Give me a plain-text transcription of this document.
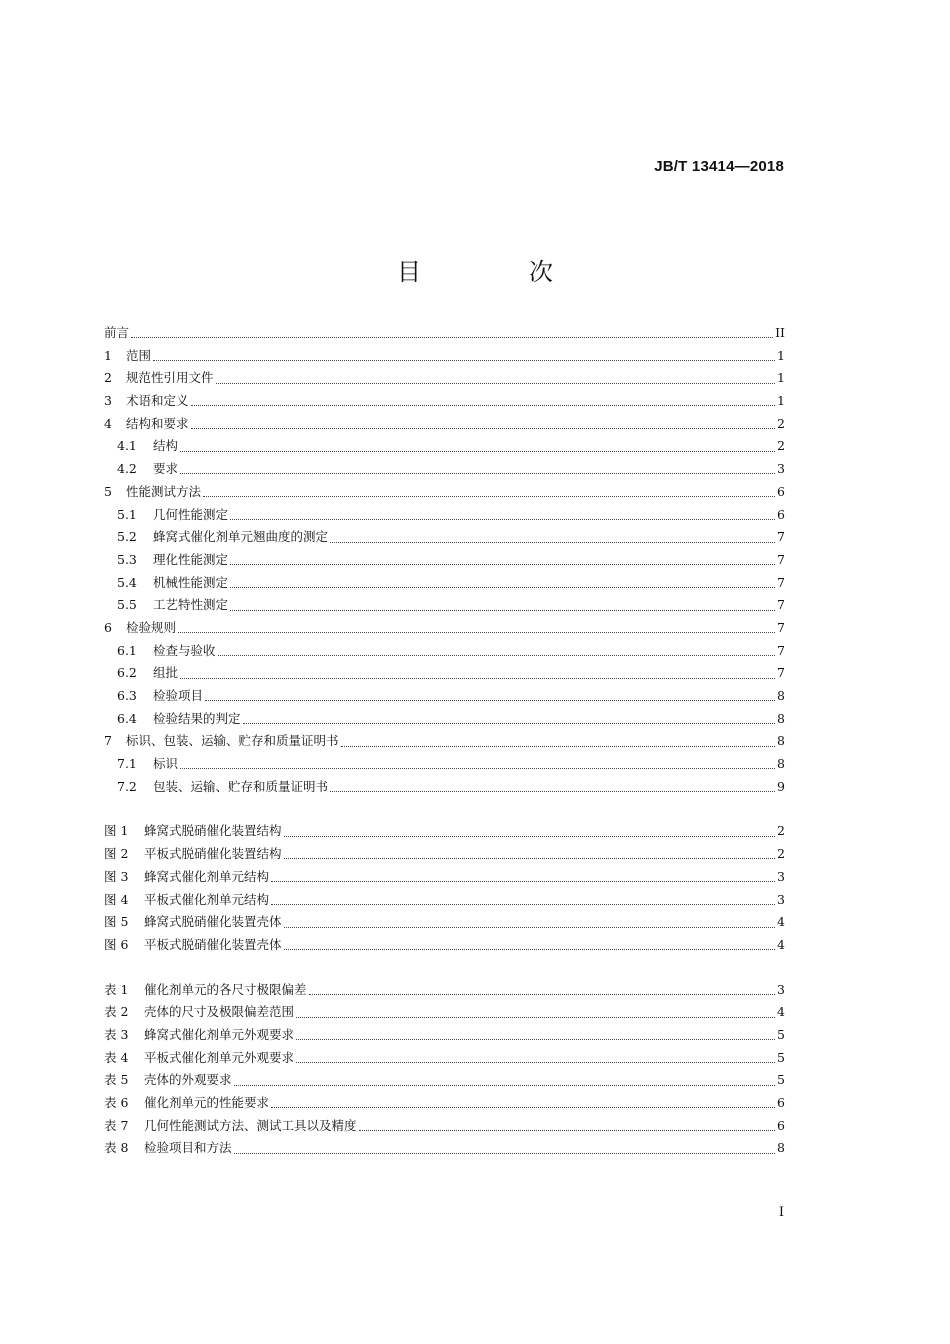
JB/T 13414—2018
目　次
前言	II
1	范围	1
2	规范性引用文件	1
3	术语和定义	1
4	结构和要求	2
4.1	结构	2
4.2	要求	3
5	性能测试方法	6
5.1	几何性能测定	6
5.2	蜂窝式催化剂单元翘曲度的测定	7
5.3	理化性能测定	7
5.4	机械性能测定	7
5.5	工艺特性测定	7
6	检验规则	7
6.1	检查与验收	7
6.2	组批	7
6.3	检验项目	8
6.4	检验结果的判定	8
7	标识、包装、运输、贮存和质量证明书	8
7.1	标识	8
7.2	包装、运输、贮存和质量证明书	9
图 1	蜂窝式脱硝催化装置结构	2
图 2	平板式脱硝催化装置结构	2
图 3	蜂窝式催化剂单元结构	3
图 4	平板式催化剂单元结构	3
图 5	蜂窝式脱硝催化装置壳体	4
图 6	平板式脱硝催化装置壳体	4
表 1	催化剂单元的各尺寸极限偏差	3
表 2	壳体的尺寸及极限偏差范围	4
表 3	蜂窝式催化剂单元外观要求	5
表 4	平板式催化剂单元外观要求	5
表 5	壳体的外观要求	5
表 6	催化剂单元的性能要求	6
表 7	几何性能测试方法、测试工具以及精度	6
表 8	检验项目和方法	8
I
